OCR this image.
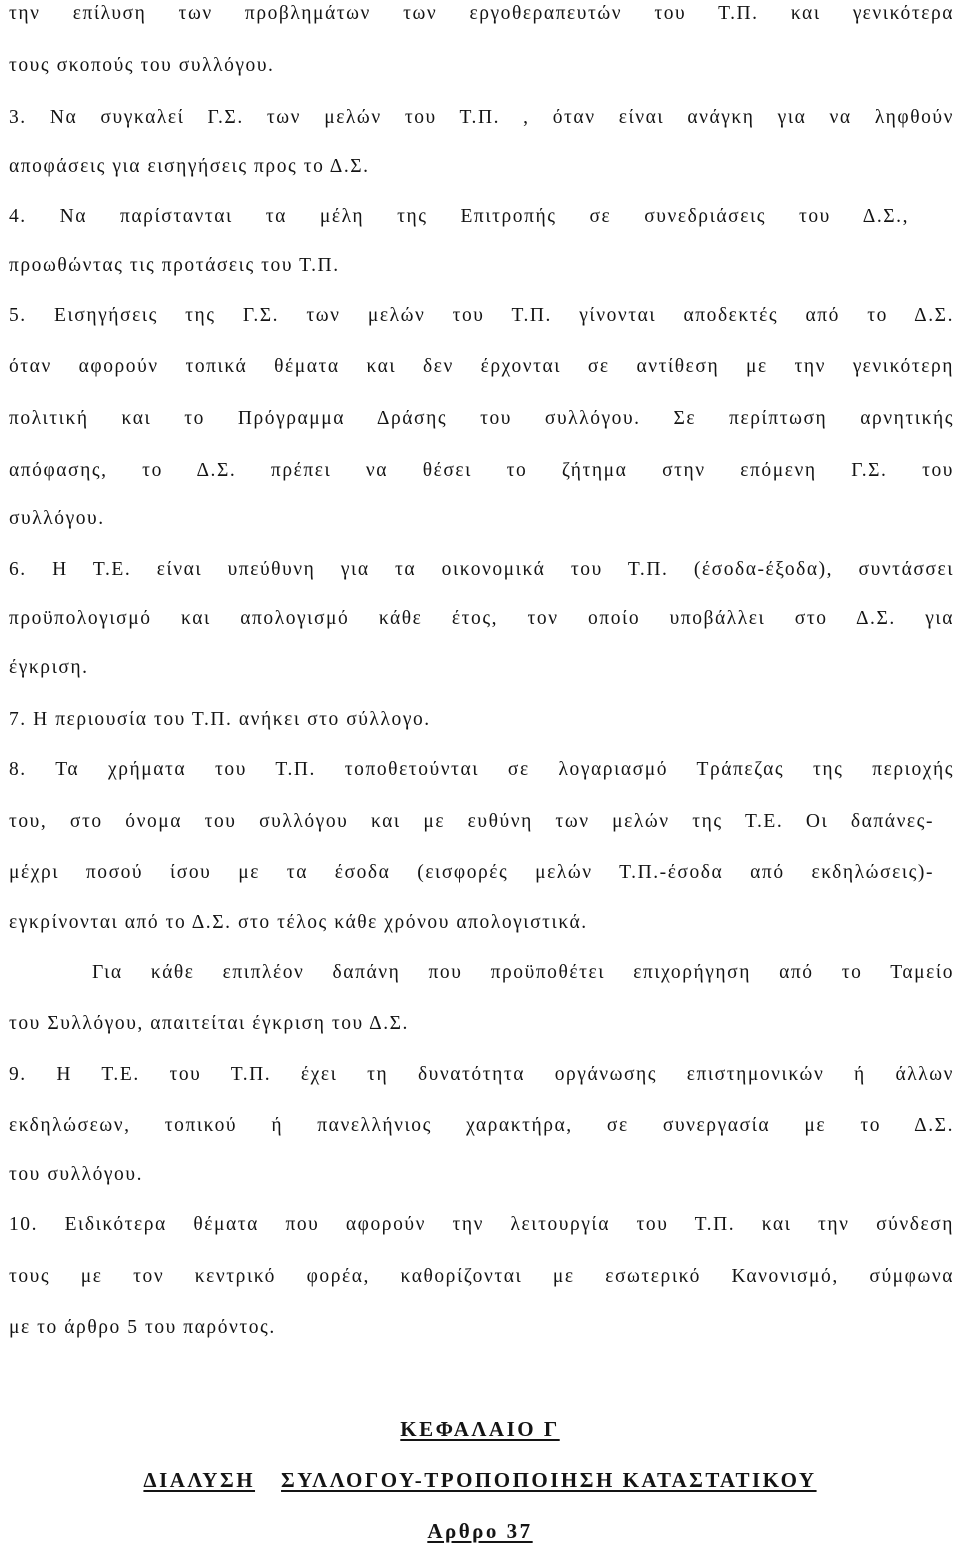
την επίλυση των προβλημάτων των εργοθεραπευτών του Τ.Π. και γενικότερα
τους σκοπούς του συλλόγου.
3. Να συγκαλεί Γ.Σ. των μελών του Τ.Π. , όταν είναι ανάγκη για να ληφθούν
αποφάσεις για εισηγήσεις προς το Δ.Σ.
4. Να παρίστανται τα μέλη της Επιτροπής σε συνεδριάσεις του Δ.Σ.,
προωθώντας τις προτάσεις του Τ.Π.
5. Εισηγήσεις της Γ.Σ. των μελών του Τ.Π. γίνονται αποδεκτές από το Δ.Σ.
όταν αφορούν τοπικά θέματα και δεν έρχονται σε αντίθεση με την γενικότερη
πολιτική και το Πρόγραμμα Δράσης του συλλόγου. Σε περίπτωση αρνητικής
απόφασης, το Δ.Σ. πρέπει να θέσει το ζήτημα στην επόμενη Γ.Σ. του
συλλόγου.
6. Η Τ.Ε. είναι υπεύθυνη για τα οικονομικά του Τ.Π. (έσοδα-έξοδα), συντάσσει
προϋπολογισμό και απολογισμό κάθε έτος, τον οποίο υποβάλλει στο Δ.Σ. για
έγκριση.
7. Η περιουσία του Τ.Π. ανήκει στο σύλλογο.
8. Τα χρήματα του Τ.Π. τοποθετούνται σε λογαριασμό Τράπεζας της περιοχής
του, στο όνομα του συλλόγου και με ευθύνη των μελών της Τ.Ε. Οι δαπάνες-
μέχρι ποσού ίσου με τα έσοδα (εισφορές μελών Τ.Π.-έσοδα από εκδηλώσεις)-
εγκρίνονται από το Δ.Σ. στο τέλος κάθε χρόνου απολογιστικά.
Για κάθε επιπλέον δαπάνη που προϋποθέτει επιχορήγηση από το Ταμείο
του Συλλόγου, απαιτείται έγκριση του Δ.Σ.
9. Η Τ.Ε. του Τ.Π. έχει τη δυνατότητα οργάνωσης επιστημονικών ή άλλων
εκδηλώσεων, τοπικού ή πανελλήνιος χαρακτήρα, σε συνεργασία με το Δ.Σ.
του συλλόγου.
10. Ειδικότερα θέματα που αφορούν την λειτουργία του Τ.Π. και την σύνδεση
τους με τον κεντρικό φορέα, καθορίζονται με εσωτερικό Κανονισμό, σύμφωνα
με το άρθρο 5 του παρόντος.
ΚΕΦΑΛΑΙΟ Γ
ΔΙΑΛΥΣΗ ΣΥΛΛΟΓΟΥ-ΤΡΟΠΟΠΟΙΗΣΗ ΚΑΤΑΣΤΑΤΙΚΟΥ
Αρθρο 37
